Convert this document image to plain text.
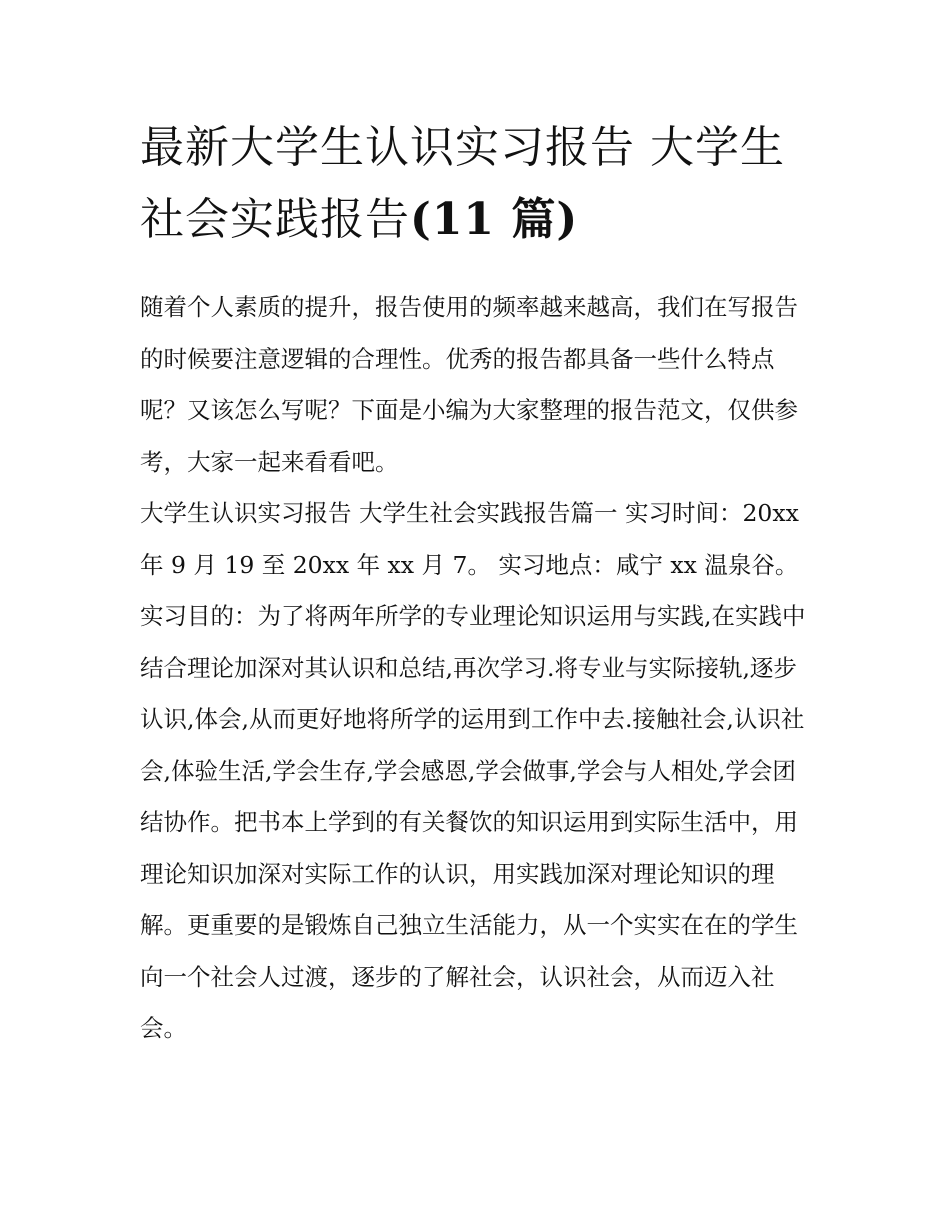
最新大学生认识实习报告 大学生社会实践报告(11 篇)

随着个人素质的提升，报告使用的频率越来越高，我们在写报告的时候要注意逻辑的合理性。优秀的报告都具备一些什么特点呢？又该怎么写呢？下面是小编为大家整理的报告范文，仅供参考，大家一起来看看吧。

大学生认识实习报告 大学生社会实践报告篇一 实习时间：20xx 年 9 月 19 至 20xx 年 xx 月 7。 实习地点：咸宁 xx 温泉谷。

实习目的：为了将两年所学的专业理论知识运用与实践,在实践中结合理论加深对其认识和总结,再次学习.将专业与实际接轨,逐步认识,体会,从而更好地将所学的运用到工作中去.接触社会,认识社会,体验生活,学会生存,学会感恩,学会做事,学会与人相处,学会团结协作。把书本上学到的有关餐饮的知识运用到实际生活中，用理论知识加深对实际工作的认识，用实践加深对理论知识的理解。更重要的是锻炼自己独立生活能力，从一个实实在在的学生向一个社会人过渡，逐步的了解社会，认识社会，从而迈入社会。
